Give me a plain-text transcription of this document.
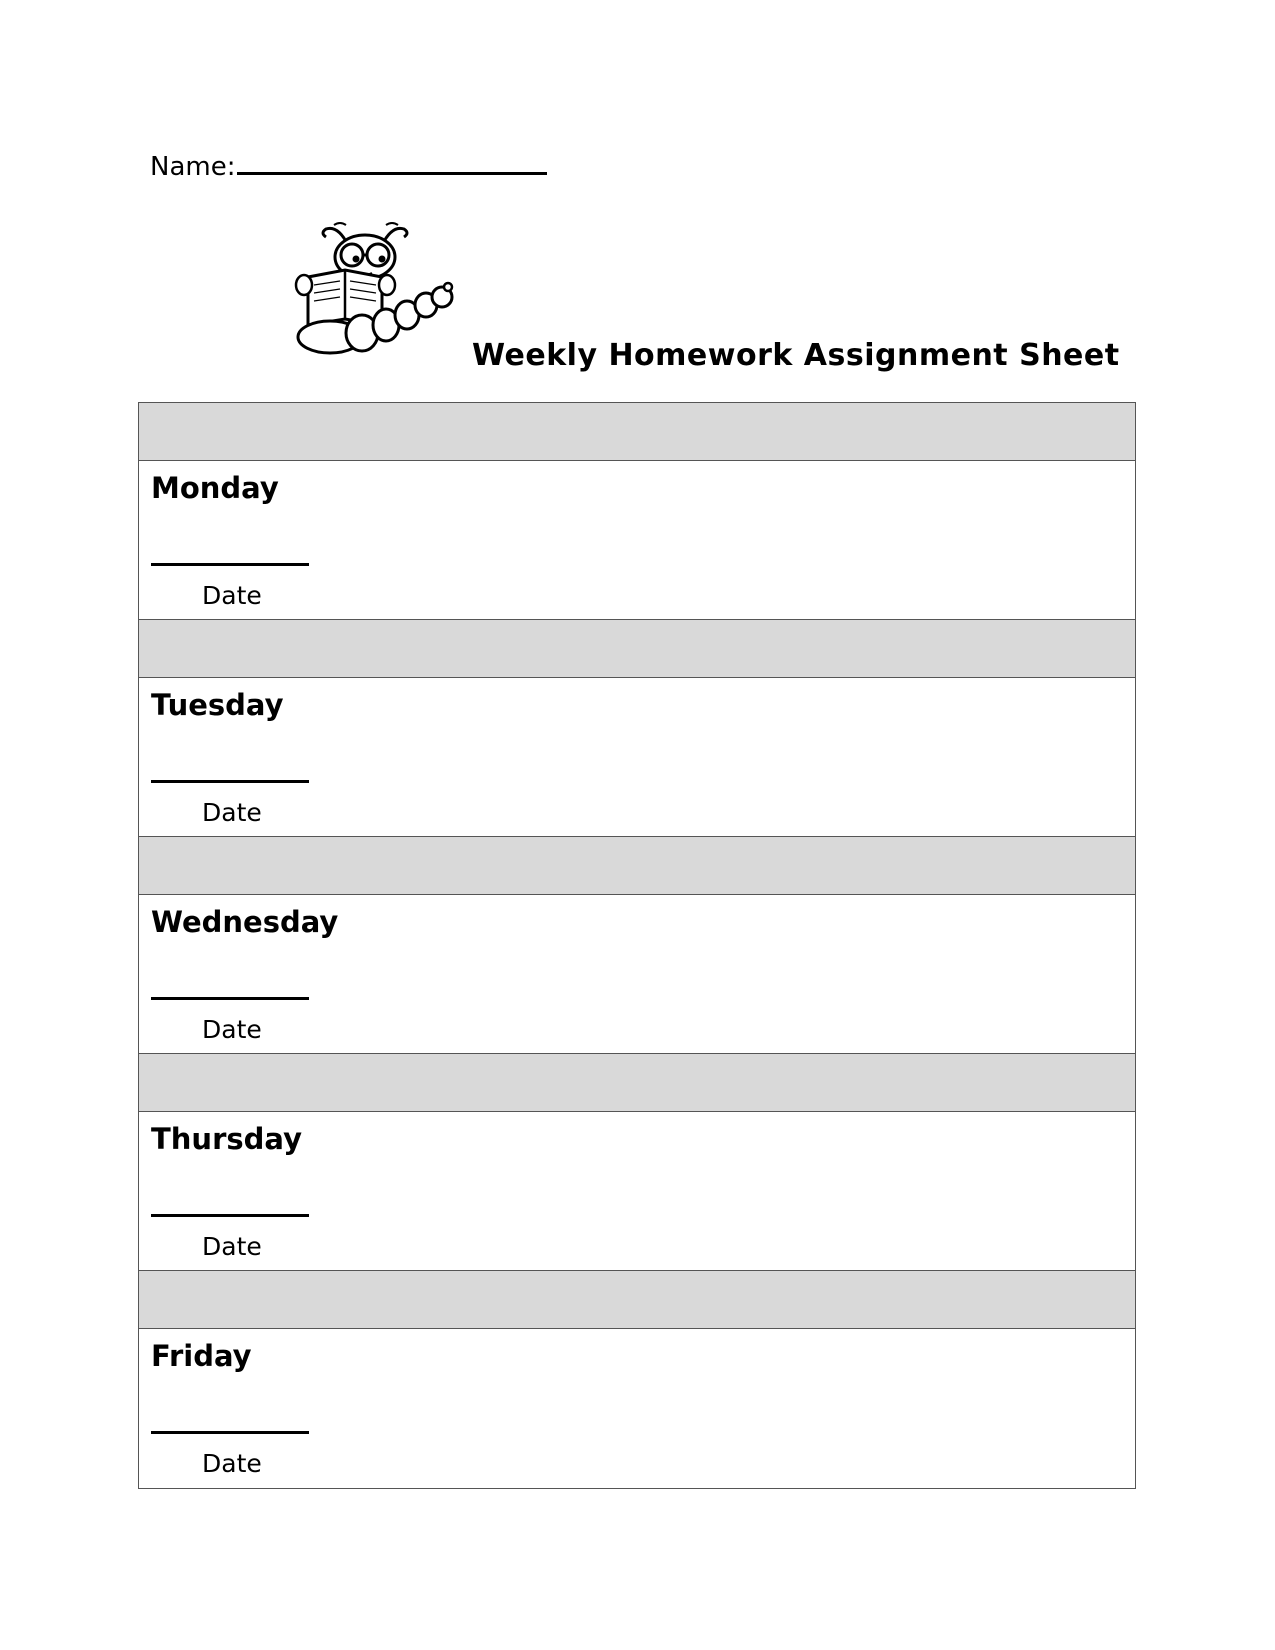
Name:
Weekly Homework Assignment Sheet
Monday
Date
Tuesday
Date
Wednesday
Date
Thursday
Date
Friday
Date
